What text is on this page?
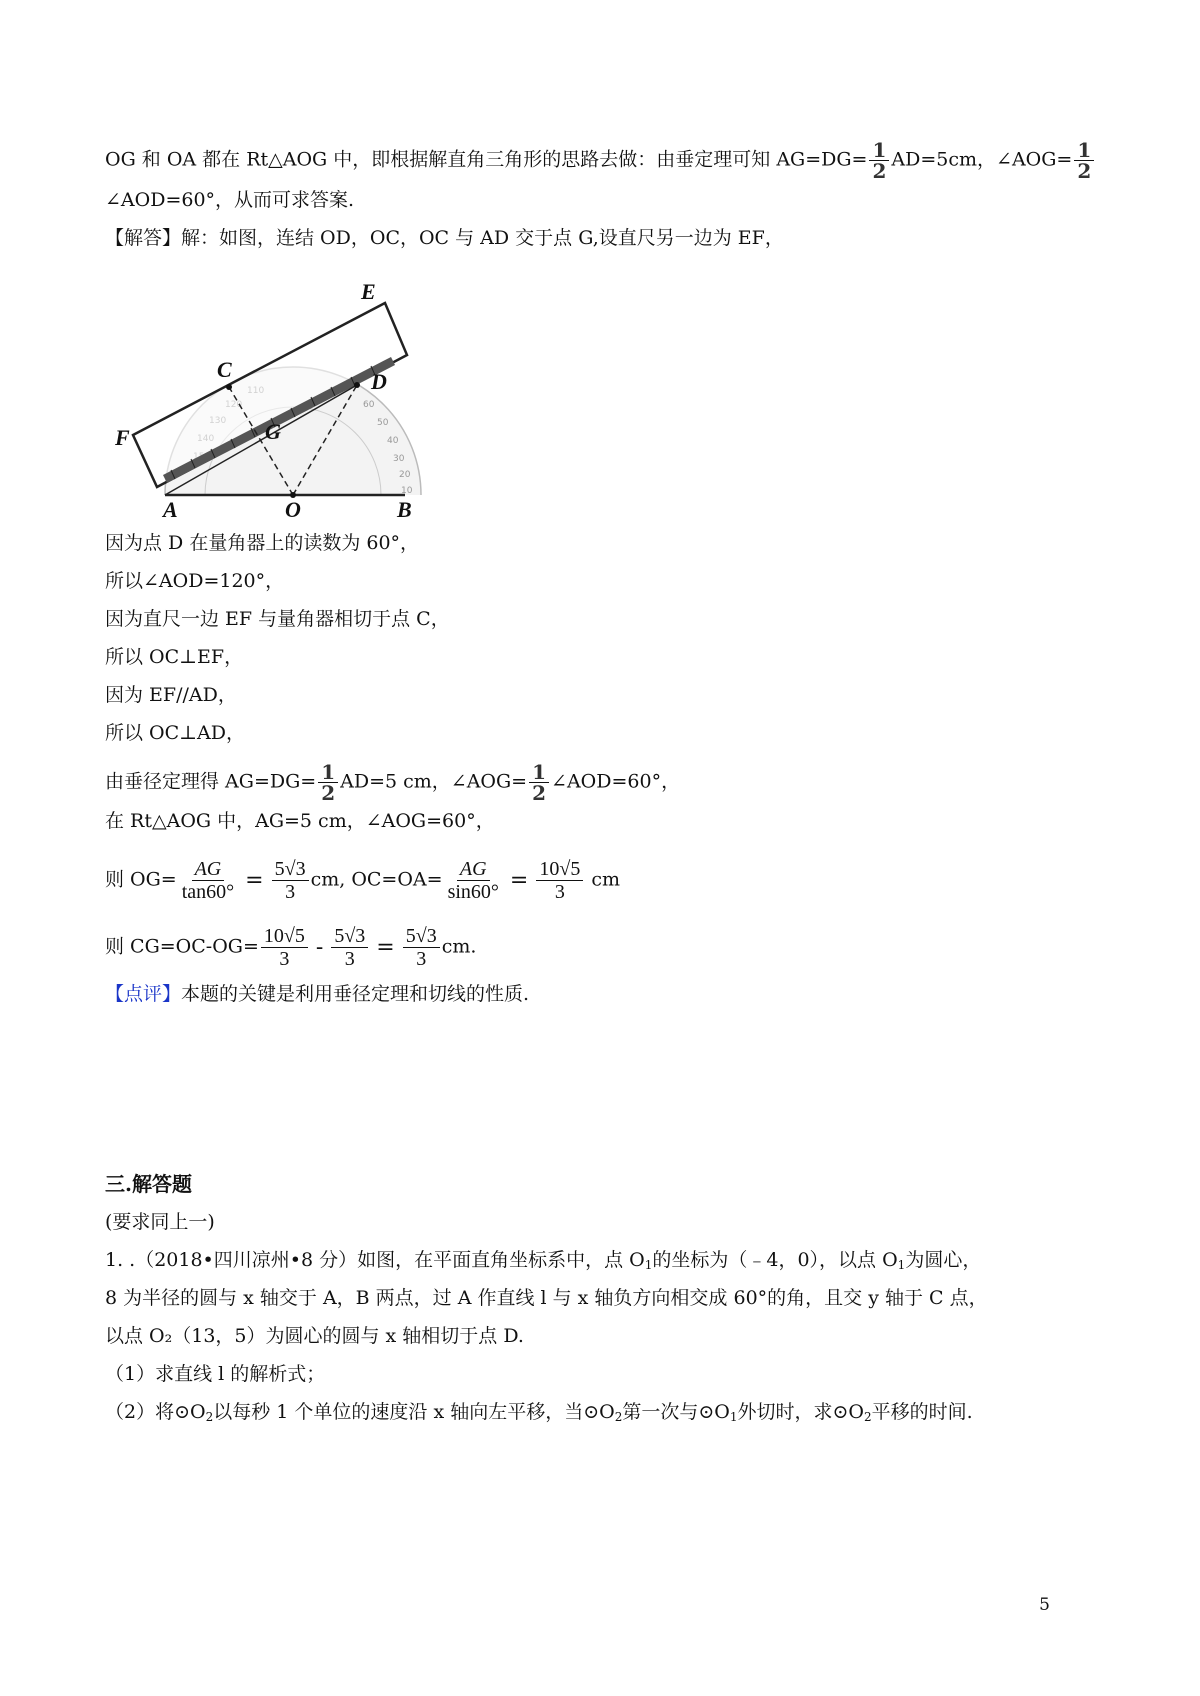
OG 和 OA 都在 Rt△AOG 中，即根据解直角三角形的思路去做：由垂定理可知 $AG=DG= \frac{1}{2} AD=5cm$，∠AOG= $\frac{1}{2}$
∠AOD=60°，从而可求答案.
【解答】解：如图，连结 OD，OC，OC 与 AD 交于点 G,设直尺另一边为 EF，
60
50
40
30
20
10
E
C	D
F	G
A	O	B
因为点 D 在量角器上的读数为 60°，
所以∠AOD=120°，
因为直尺一边 EF 与量角器相切于点 C，
所以 OC⊥EF，
因为 EF//AD，
所以 OC⊥AD，
由垂径定理得 $AG=DG= \frac{1}{2} AD=5$ cm，∠AOG= $\frac{1}{2}$ ∠AOD=60°，
在 Rt△AOG 中，AG=5 cm，∠AOG=60°，
则 $OG= \frac{AG}{\tan 60^\circ} = \frac{5√3}{3}$ cm, $OC=OA= \frac{AG}{\sin 60^\circ} = \frac{10√5}{3}$ cm
则 $CG=OC-OG= \frac{10√5}{3} - \frac{5√3}{3} = \frac{5√3}{3}$ cm.
【点评】本题的关键是利用垂径定理和切线的性质.
三.解答题
(要求同上一)
1. .（2018•四川凉州•8 分）如图，在平面直角坐标系中，点 $O_1$的坐标为（﹣4，0），以点 $O_1$为圆心，
8 为半径的圆与 x 轴交于 A，B 两点，过 A 作直线 l 与 x 轴负方向相交成 60°的角，且交 y 轴于 C 点，
以点 O₂（13，5）为圆心的圆与 x 轴相切于点 D.
（1）求直线 l 的解析式；
（2）将$⊙O_2$以每秒 1 个单位的速度沿 x 轴向左平移，当$⊙O_2$第一次与$⊙O_1$外切时，求$⊙O_2$平移的时间.
5
